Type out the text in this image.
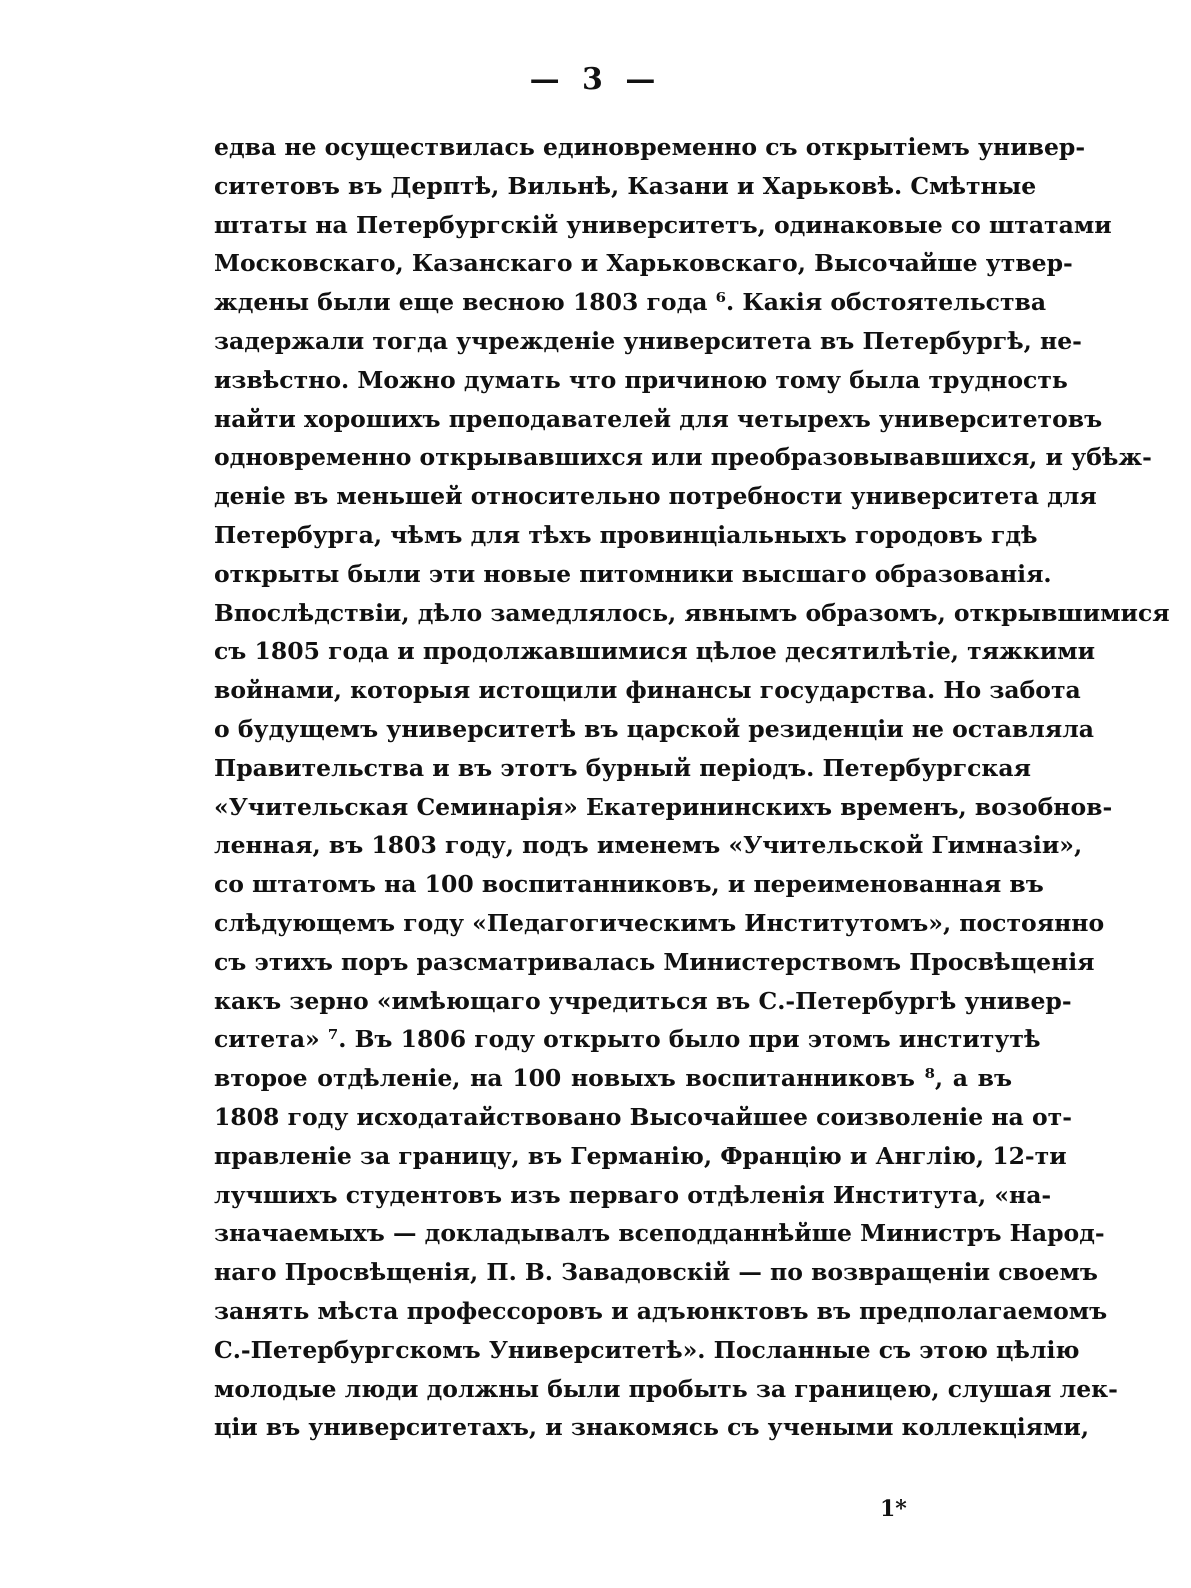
— 3 —
едва не осуществилась единовременно съ открытіемъ универ-
ситетовъ въ Дерптѣ, Вильнѣ, Казани и Харьковѣ. Смѣтные
штаты на Петербургскій университетъ, одинаковые со штатами
Московскаго, Казанскаго и Харьковскаго, Высочайше утвер-
ждены были еще весною 1803 года ⁶. Какія обстоятельства
задержали тогда учрежденіе университета въ Петербургѣ, не-
извѣстно. Можно думать что причиною тому была трудность
найти хорошихъ преподавателей для четырехъ университетовъ
одновременно открывавшихся или преобразовывавшихся, и убѣж-
деніе въ меньшей относительно потребности университета для
Петербурга, чѣмъ для тѣхъ провинціальныхъ городовъ гдѣ
открыты были эти новые питомники высшаго образованія.
Впослѣдствіи, дѣло замедлялось, явнымъ образомъ, открывшимися
съ 1805 года и продолжавшимися цѣлое десятилѣтіе, тяжкими
войнами, которыя истощили финансы государства. Но забота
о будущемъ университетѣ въ царской резиденціи не оставляла
Правительства и въ этотъ бурный періодъ. Петербургская
«Учительская Семинарія» Екатерининскихъ временъ, возобнов-
ленная, въ 1803 году, подъ именемъ «Учительской Гимназіи»,
со штатомъ на 100 воспитанниковъ, и переименованная въ
слѣдующемъ году «Педагогическимъ Институтомъ», постоянно
съ этихъ поръ разсматривалась Министерствомъ Просвѣщенія
какъ зерно «имѣющаго учредиться въ С.-Петербургѣ универ-
ситета» ⁷. Въ 1806 году открыто было при этомъ институтѣ
второе отдѣленіе, на 100 новыхъ воспитанниковъ ⁸, а въ
1808 году исходатайствовано Высочайшее соизволеніе на от-
правленіе за границу, въ Германію, Францію и Англію, 12-ти
лучшихъ студентовъ изъ перваго отдѣленія Института, «на-
значаемыхъ — докладывалъ всеподданнѣйше Министръ Народ-
наго Просвѣщенія, П. В. Завадовскій — по возвращеніи своемъ
занять мѣста профессоровъ и адъюнктовъ въ предполагаемомъ
С.-Петербургскомъ Университетѣ». Посланные съ этою цѣлію
молодые люди должны были пробыть за границею, слушая лек-
ціи въ университетахъ, и знакомясь съ учеными коллекціями,
1*
